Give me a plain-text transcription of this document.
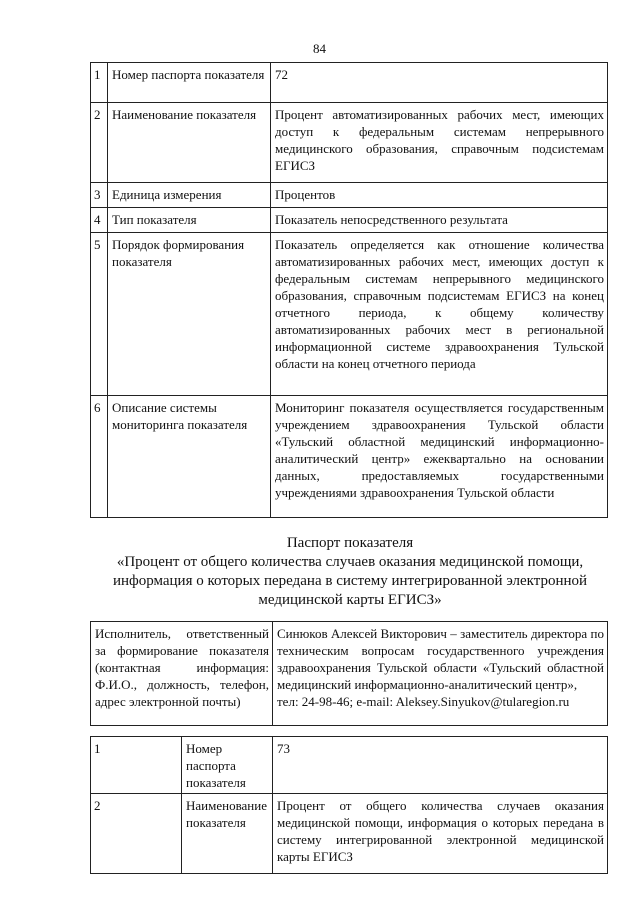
84
1	Номер паспорта показателя	72
2	Наименование показателя	Процент автоматизированных рабочих мест, имеющих доступ к федеральным системам непрерывного медицинского образования, справочным подсистемам ЕГИСЗ
3	Единица измерения	Процентов
4	Тип показателя	Показатель непосредственного результата
5	Порядок формирования показателя	Показатель определяется как отношение количества автоматизированных рабочих мест, имеющих доступ к федеральным системам непрерывного медицинского образования, справочным подсистемам ЕГИСЗ на конец отчетного периода, к общему количеству автоматизированных рабочих мест в региональной информационной системе здравоохранения Тульской области на конец отчетного периода
6	Описание системы мониторинга показателя	Мониторинг показателя осуществляется государственным учреждением здравоохранения Тульской области «Тульский областной медицинский информационно-аналитический центр» ежеквартально на основании данных, предоставляемых государственными учреждениями здравоохранения Тульской области
Паспорт показателя
«Процент от общего количества случаев оказания медицинской помощи,
информация о которых передана в систему интегрированной электронной
медицинской карты ЕГИСЗ»
Исполнитель, ответственный за формирование показателя (контактная информация: Ф.И.О., должность, телефон, адрес электронной почты)		Синюков Алексей Викторович – заместитель директора по техническим вопросам государственного учреждения здравоохранения Тульской области «Тульский областной медицинский информационно-аналитический центр»,
тел: 24-98-46; e-mail: Aleksey.Sinyukov@tularegion.ru

1	Номер паспорта показателя	73
2	Наименование показателя	Процент от общего количества случаев оказания медицинской помощи, информация о которых передана в систему интегрированной электронной медицинской карты ЕГИСЗ
